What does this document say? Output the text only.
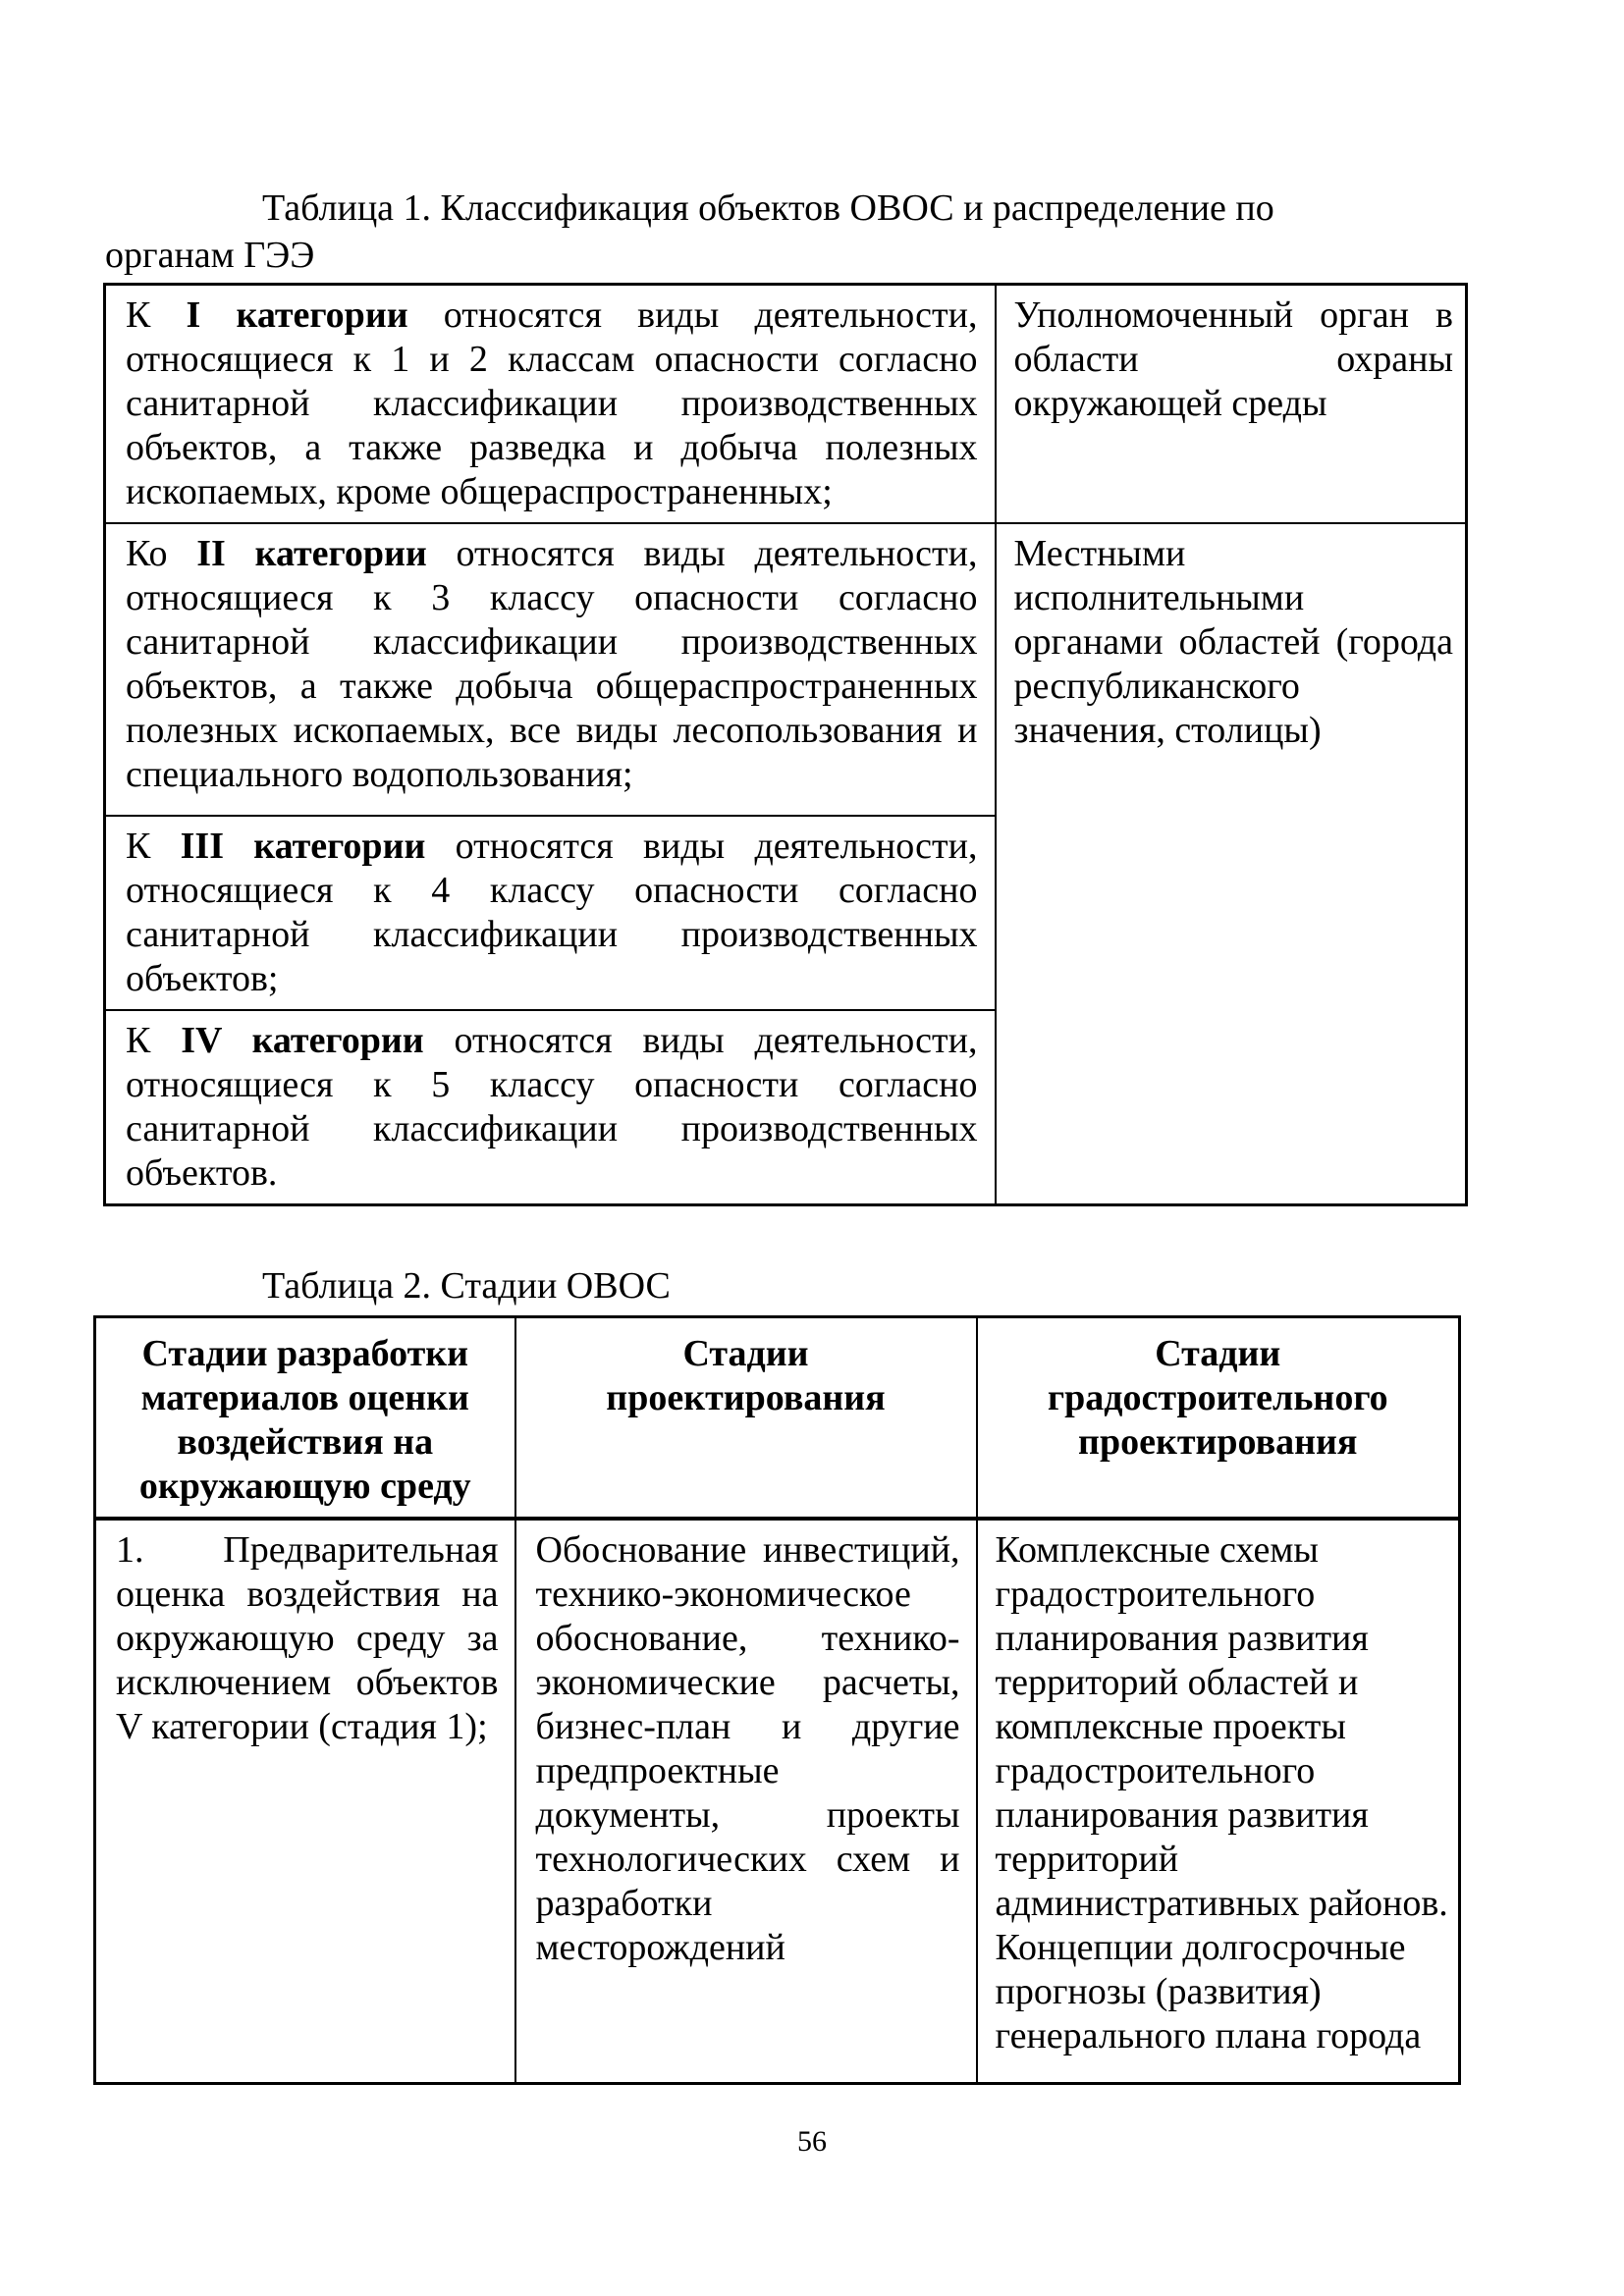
Таблица 1. Классификация объектов ОВОС и распределение по
органам ГЭЭ

К I категории относятся виды деятельности, относящиеся к 1 и 2 классам опасности согласно санитарной классификации производственных объектов, а также разведка и добыча полезных ископаемых, кроме общераспространенных;	Уполномоченный орган в области охраны окружающей среды
Ко II категории относятся виды деятельности, относящиеся к 3 классу опасности согласно санитарной классификации производственных объектов, а также добыча общераспространенных полезных ископаемых, все виды лесопользования и специального водопользования;	Местными исполнительными органами областей (города республиканского значения, столицы)
К III категории относятся виды деятельности, относящиеся к 4 классу опасности согласно санитарной классификации производственных объектов;	
К IV категории относятся виды деятельности, относящиеся к 5 классу опасности согласно санитарной классификации производственных объектов.	

Таблица 2. Стадии ОВОС

Стадии разработки материалов оценки воздействия на окружающую среду	Стадии проектирования	Стадии градостроительного проектирования
1. Предварительная оценка воздействия на окружающую среду за исключением объектов V категории (стадия 1);	Обоснование инвестиций, технико-экономическое обоснование, технико-экономические расчеты, бизнес-план и другие предпроектные документы, проекты технологических схем и разработки месторождений	Комплексные схемы градостроительного планирования развития территорий областей и комплексные проекты градостроительного планирования развития территорий административных районов. Концепции долгосрочные прогнозы (развития) генерального плана города
56
